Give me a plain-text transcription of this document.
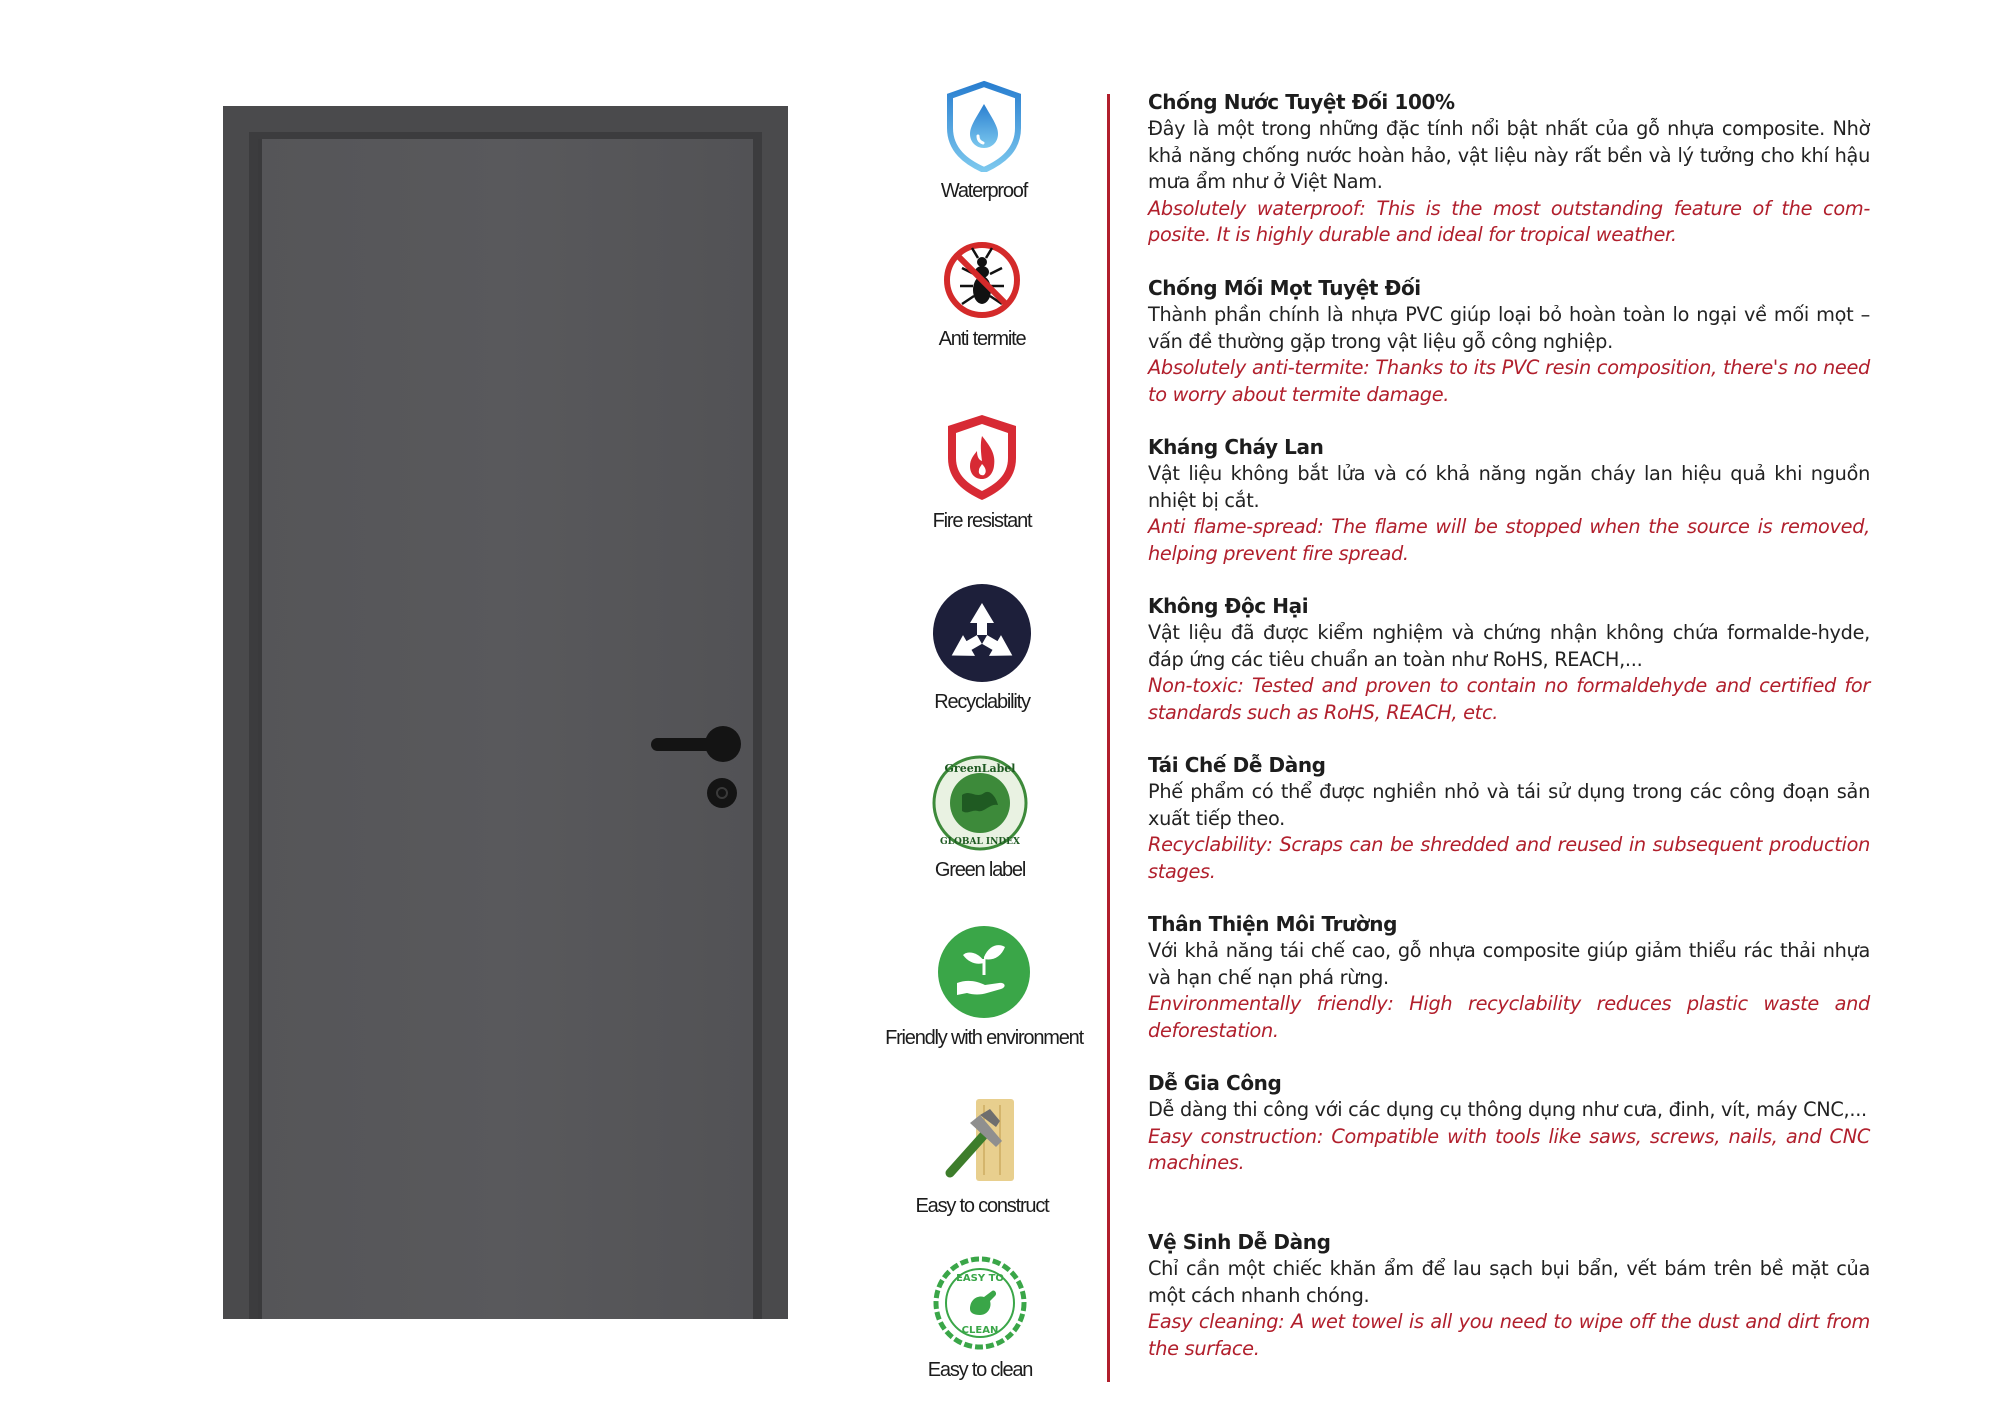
Waterproof
Anti termite
Fire resistant
Recyclability
GreenLabel
GLOBAL INDEX
Green label
Friendly with environment
Easy to construct
EASY TO
CLEAN
Easy to clean
Chống Nước Tuyệt Đối 100%
Đây là một trong những đặc tính nổi bật nhất của gỗ nhựa composite. Nhờ khả năng chống nước hoàn hảo, vật liệu này rất bền và lý tưởng cho khí hậu mưa ẩm như ở Việt Nam.
Absolutely waterproof: This is the most outstanding feature of the com-posite. It is highly durable and ideal for tropical weather.
Chống Mối Mọt Tuyệt Đối
Thành phần chính là nhựa PVC giúp loại bỏ hoàn toàn lo ngại về mối mọt – vấn đề thường gặp trong vật liệu gỗ công nghiệp.
Absolutely anti-termite: Thanks to its PVC resin composition, there's no need to worry about termite damage.
Kháng Cháy Lan
Vật liệu không bắt lửa và có khả năng ngăn cháy lan hiệu quả khi nguồn nhiệt bị cắt.
Anti flame-spread: The flame will be stopped when the source is removed, helping prevent fire spread.
Không Độc Hại
Vật liệu đã được kiểm nghiệm và chứng nhận không chứa formalde-hyde, đáp ứng các tiêu chuẩn an toàn như RoHS, REACH,...
Non-toxic: Tested and proven to contain no formaldehyde and certified for standards such as RoHS, REACH, etc.
Tái Chế Dễ Dàng
Phế phẩm có thể được nghiền nhỏ và tái sử dụng trong các công đoạn sản xuất tiếp theo.
Recyclability: Scraps can be shredded and reused in subsequent production stages.
Thân Thiện Môi Trường
Với khả năng tái chế cao, gỗ nhựa composite giúp giảm thiểu rác thải nhựa và hạn chế nạn phá rừng.
Environmentally friendly: High recyclability reduces plastic waste and deforestation.
Dễ Gia Công
Dễ dàng thi công với các dụng cụ thông dụng như cưa, đinh, vít, máy CNC,...
Easy construction: Compatible with tools like saws, screws, nails, and CNC machines.
Vệ Sinh Dễ Dàng
Chỉ cần một chiếc khăn ẩm để lau sạch bụi bẩn, vết bám trên bề mặt của một cách nhanh chóng.
Easy cleaning: A wet towel is all you need to wipe off the dust and dirt from the surface.
